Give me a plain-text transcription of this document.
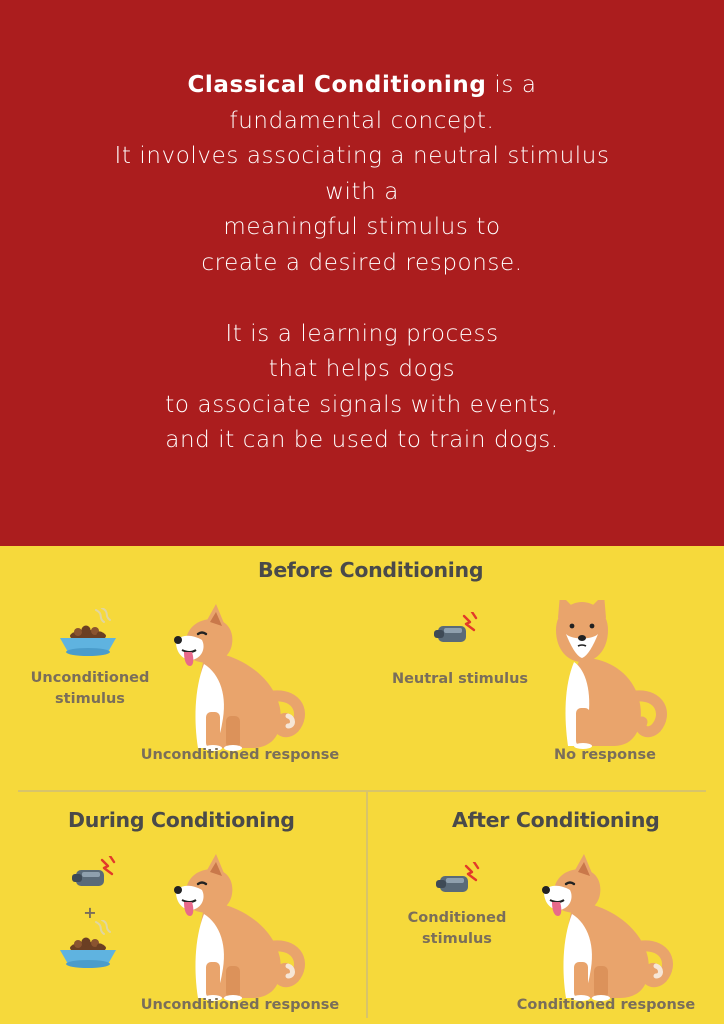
Classical Conditioning is a
fundamental concept.
It involves associating a neutral stimulus
with a
meaningful stimulus to
create a desired response.
It is a learning process
that helps dogs
to associate signals with events,
and it can be used to train dogs.
Before Conditioning
Unconditioned
stimulus
Unconditioned response
Neutral stimulus
No response
During Conditioning
+
Unconditioned response
After Conditioning
Conditioned
stimulus
Conditioned response
